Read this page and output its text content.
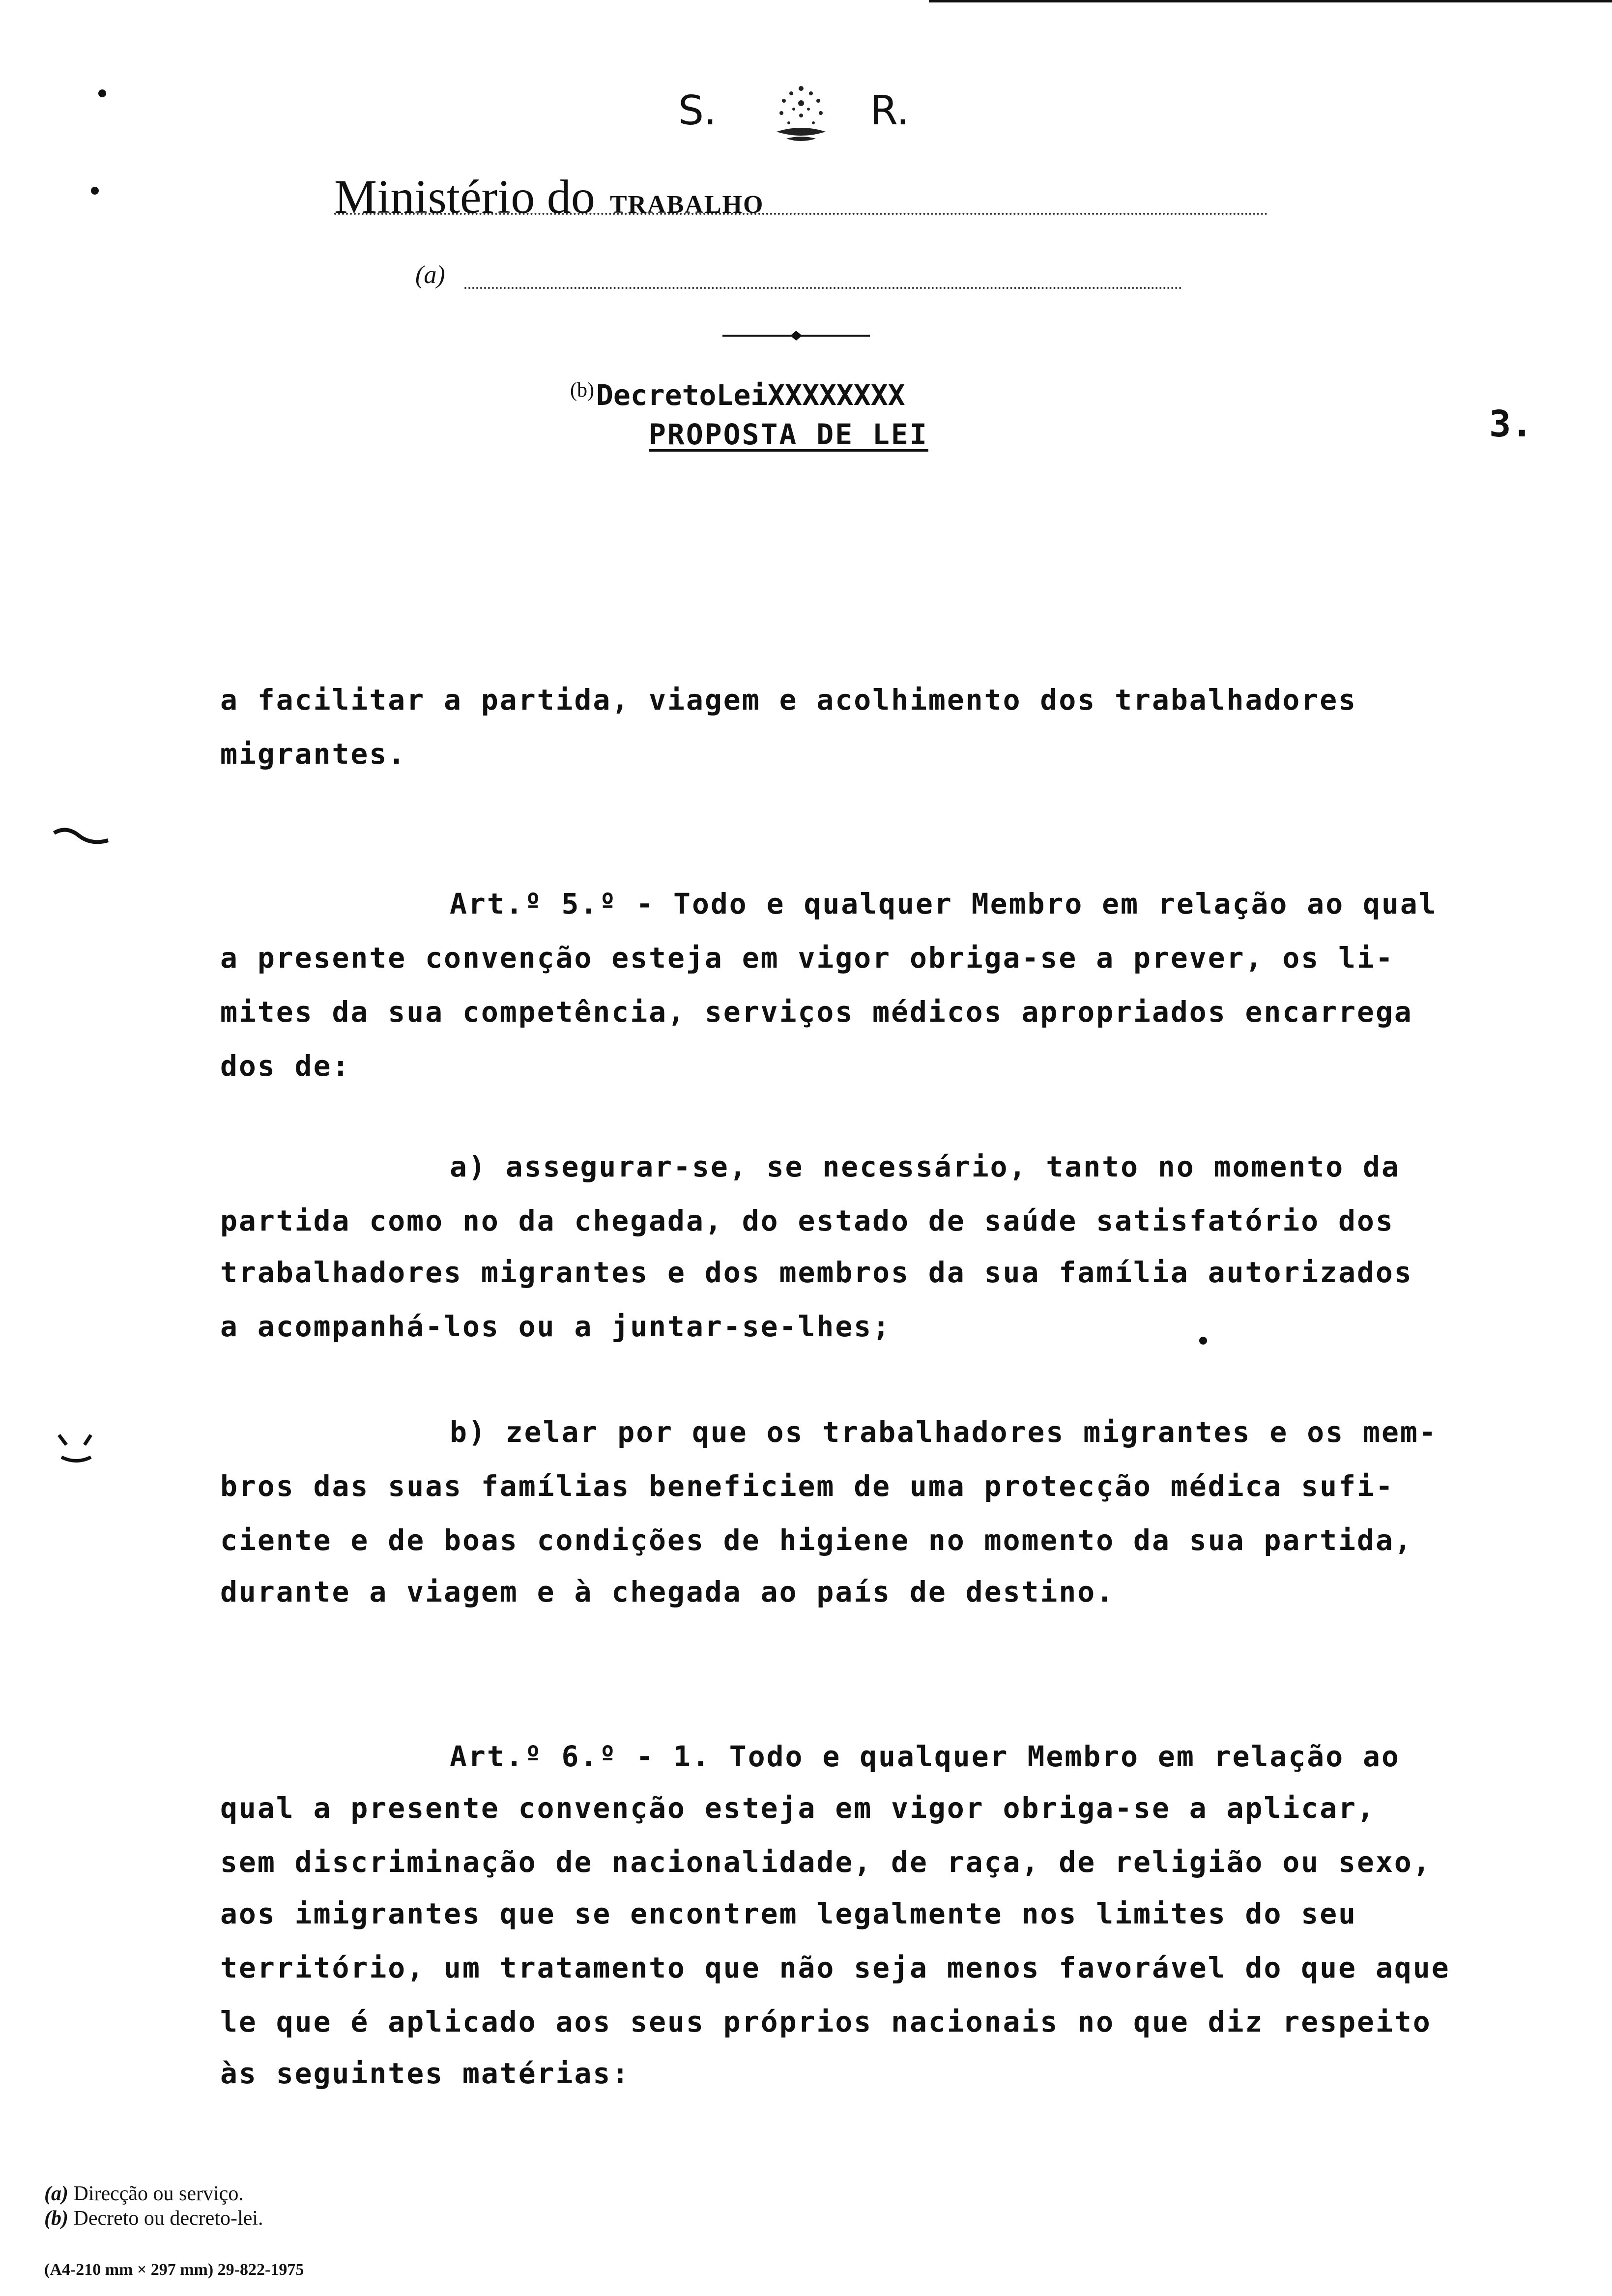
S.	R.
Ministério do TRABALHO
(a)
(b) DecretoLeiXXXXXXXX
PROPOSTA DE LEI	3.
a facilitar a partida, viagem e acolhimento dos trabalhadores
migrantes.
Art.º 5.º - Todo e qualquer Membro em relação ao qual
a presente convenção esteja em vigor obriga-se a prever, os li-
mites da sua competência, serviços médicos apropriados encarrega
dos de:
a) assegurar-se, se necessário, tanto no momento da
partida como no da chegada, do estado de saúde satisfatório dos
trabalhadores migrantes e dos membros da sua família autorizados
a acompanhá-los ou a juntar-se-lhes;
b) zelar por que os trabalhadores migrantes e os mem-
bros das suas famílias beneficiem de uma protecção médica sufi-
ciente e de boas condições de higiene no momento da sua partida,
durante a viagem e à chegada ao país de destino.
Art.º 6.º - 1. Todo e qualquer Membro em relação ao
qual a presente convenção esteja em vigor obriga-se a aplicar,
sem discriminação de nacionalidade, de raça, de religião ou sexo,
aos imigrantes que se encontrem legalmente nos limites do seu
território, um tratamento que não seja menos favorável do que aque
le que é aplicado aos seus próprios nacionais no que diz respeito
às seguintes matérias:
(a) Direcção ou serviço.
(b) Decreto ou decreto-lei.
(A4-210 mm × 297 mm) 29-822-1975
